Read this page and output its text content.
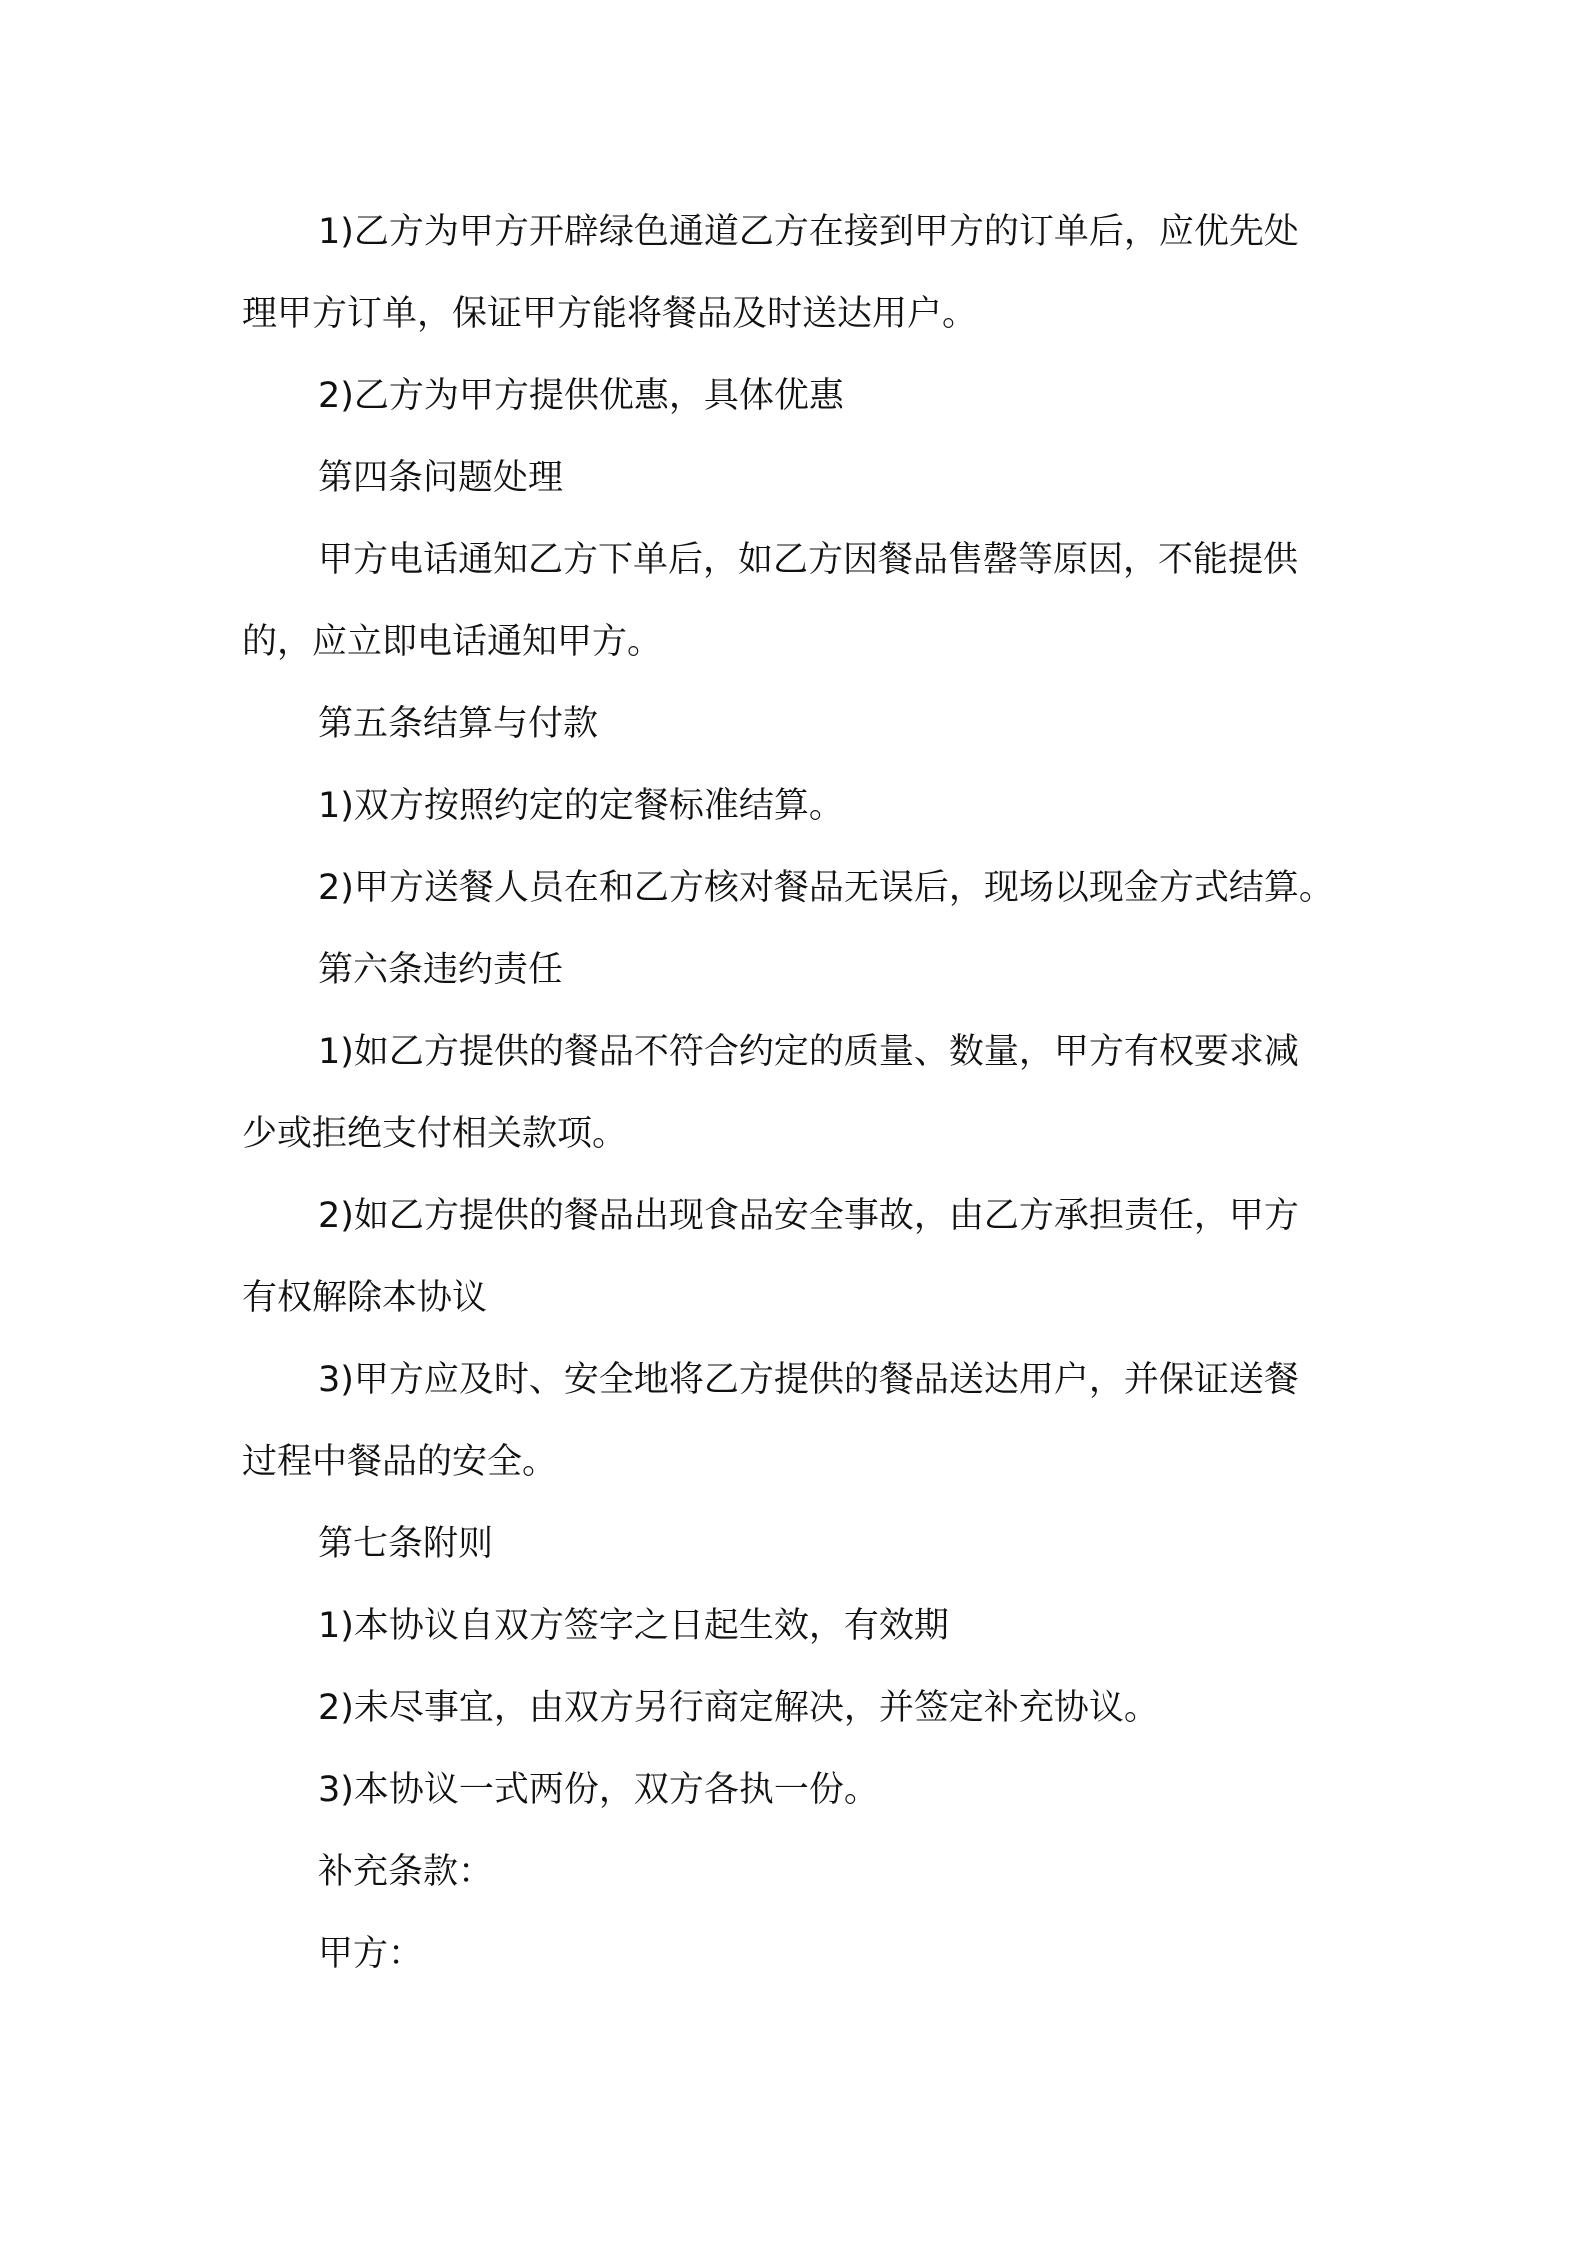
1)乙方为甲方开辟绿色通道乙方在接到甲方的订单后，应优先处
理甲方订单，保证甲方能将餐品及时送达用户。
2)乙方为甲方提供优惠，具体优惠
第四条问题处理
甲方电话通知乙方下单后，如乙方因餐品售罄等原因，不能提供
的，应立即电话通知甲方。
第五条结算与付款
1)双方按照约定的定餐标准结算。
2)甲方送餐人员在和乙方核对餐品无误后，现场以现金方式结算。
第六条违约责任
1)如乙方提供的餐品不符合约定的质量、数量，甲方有权要求减
少或拒绝支付相关款项。
2)如乙方提供的餐品出现食品安全事故，由乙方承担责任，甲方
有权解除本协议
3)甲方应及时、安全地将乙方提供的餐品送达用户，并保证送餐
过程中餐品的安全。
第七条附则
1)本协议自双方签字之日起生效，有效期
2)未尽事宜，由双方另行商定解决，并签定补充协议。
3)本协议一式两份，双方各执一份。
补充条款：
甲方：
